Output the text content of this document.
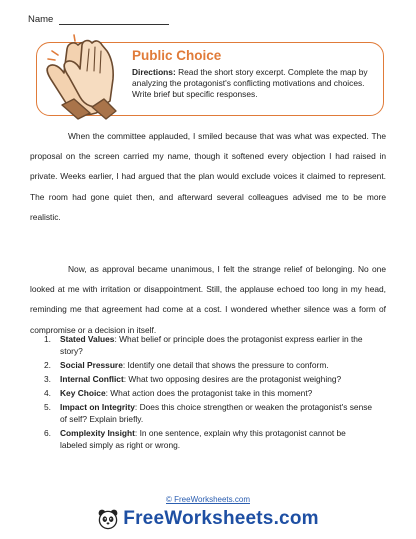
Name
Public Choice
Directions: Read the short story excerpt. Complete the map by analyzing the protagonist's conflicting motivations and choices. Write brief but specific responses.

When the committee applauded, I smiled because that was what was expected. The proposal on the screen carried my name, though it softened every objection I had raised in private. Weeks earlier, I had argued that the plan would exclude voices it claimed to represent. The room had gone quiet then, and afterward several colleagues advised me to be more realistic.

Now, as approval became unanimous, I felt the strange relief of belonging. No one looked at me with irritation or disappointment. Still, the applause echoed too long in my head, reminding me that agreement had come at a cost. I wondered whether silence was a form of compromise or a decision in itself.

1. Stated Values: What belief or principle does the protagonist express earlier in the story?
2. Social Pressure: Identify one detail that shows the pressure to conform.
3. Internal Conflict: What two opposing desires are the protagonist weighing?
4. Key Choice: What action does the protagonist take in this moment?
5. Impact on Integrity: Does this choice strengthen or weaken the protagonist's sense of self? Explain briefly.
6. Complexity Insight: In one sentence, explain why this protagonist cannot be labeled simply as right or wrong.
© FreeWorksheets.com
FreeWorksheets.com
